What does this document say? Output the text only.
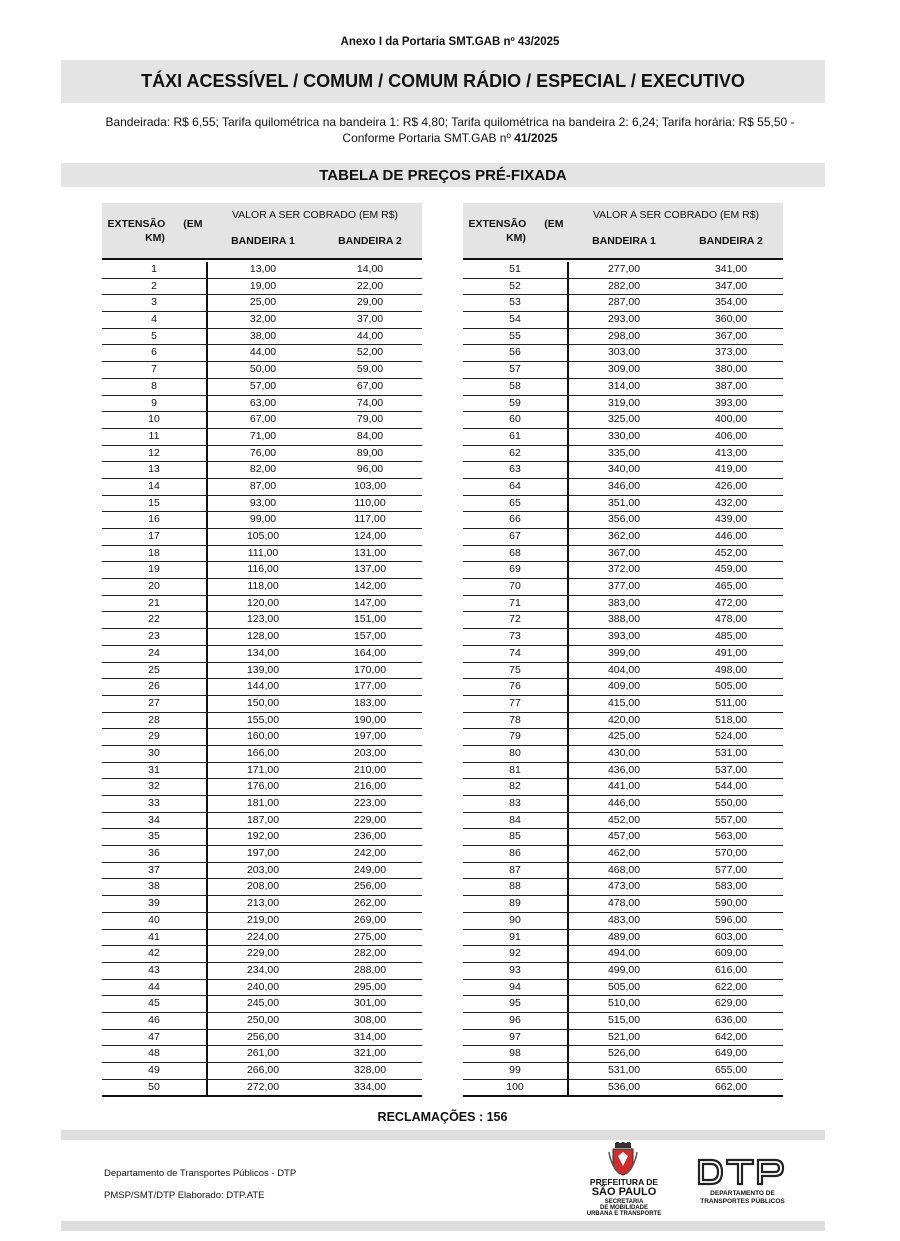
Anexo I da Portaria SMT.GAB nº 43/2025
TÁXI ACESSÍVEL / COMUM / COMUM RÁDIO / ESPECIAL / EXECUTIVO
Bandeirada: R$ 6,55; Tarifa quilométrica na bandeira 1: R$ 4,80; Tarifa quilométrica na bandeira 2: 6,24; Tarifa horária: R$ 55,50 - Conforme Portaria SMT.GAB nº 41/2025
TABELA DE PREÇOS PRÉ-FIXADA
EXTENSÃO (EM
KM)
VALOR A SER COBRADO (EM R$)
BANDEIRA 1	BANDEIRA 2
1	13,00	14,00
2	19,00	22,00
3	25,00	29,00
4	32,00	37,00
5	38,00	44,00
6	44,00	52,00
7	50,00	59,00
8	57,00	67,00
9	63,00	74,00
10	67,00	79,00
11	71,00	84,00
12	76,00	89,00
13	82,00	96,00
14	87,00	103,00
15	93,00	110,00
16	99,00	117,00
17	105,00	124,00
18	111,00	131,00
19	116,00	137,00
20	118,00	142,00
21	120,00	147,00
22	123,00	151,00
23	128,00	157,00
24	134,00	164,00
25	139,00	170,00
26	144,00	177,00
27	150,00	183,00
28	155,00	190,00
29	160,00	197,00
30	166,00	203,00
31	171,00	210,00
32	176,00	216,00
33	181,00	223,00
34	187,00	229,00
35	192,00	236,00
36	197,00	242,00
37	203,00	249,00
38	208,00	256,00
39	213,00	262,00
40	219,00	269,00
41	224,00	275,00
42	229,00	282,00
43	234,00	288,00
44	240,00	295,00
45	245,00	301,00
46	250,00	308,00
47	256,00	314,00
48	261,00	321,00
49	266,00	328,00
50	272,00	334,00
EXTENSÃO (EM
KM)
VALOR A SER COBRADO (EM R$)
BANDEIRA 1	BANDEIRA 2
51	277,00	341,00
52	282,00	347,00
53	287,00	354,00
54	293,00	360,00
55	298,00	367,00
56	303,00	373,00
57	309,00	380,00
58	314,00	387,00
59	319,00	393,00
60	325,00	400,00
61	330,00	406,00
62	335,00	413,00
63	340,00	419,00
64	346,00	426,00
65	351,00	432,00
66	356,00	439,00
67	362,00	446,00
68	367,00	452,00
69	372,00	459,00
70	377,00	465,00
71	383,00	472,00
72	388,00	478,00
73	393,00	485,00
74	399,00	491,00
75	404,00	498,00
76	409,00	505,00
77	415,00	511,00
78	420,00	518,00
79	425,00	524,00
80	430,00	531,00
81	436,00	537,00
82	441,00	544,00
83	446,00	550,00
84	452,00	557,00
85	457,00	563,00
86	462,00	570,00
87	468,00	577,00
88	473,00	583,00
89	478,00	590,00
90	483,00	596,00
91	489,00	603,00
92	494,00	609,00
93	499,00	616,00
94	505,00	622,00
95	510,00	629,00
96	515,00	636,00
97	521,00	642,00
98	526,00	649,00
99	531,00	655,00
100	536,00	662,00
RECLAMAÇÕES : 156
Departamento de Transportes Públicos - DTP
PMSP/SMT/DTP Elaborado: DTP.ATE
PREFEITURA DE
SÃO PAULO
SECRETARIA
DE MOBILIDADE
URBANA E TRANSPORTE
DEPARTAMENTO DE
TRANSPORTES PÚBLICOS
